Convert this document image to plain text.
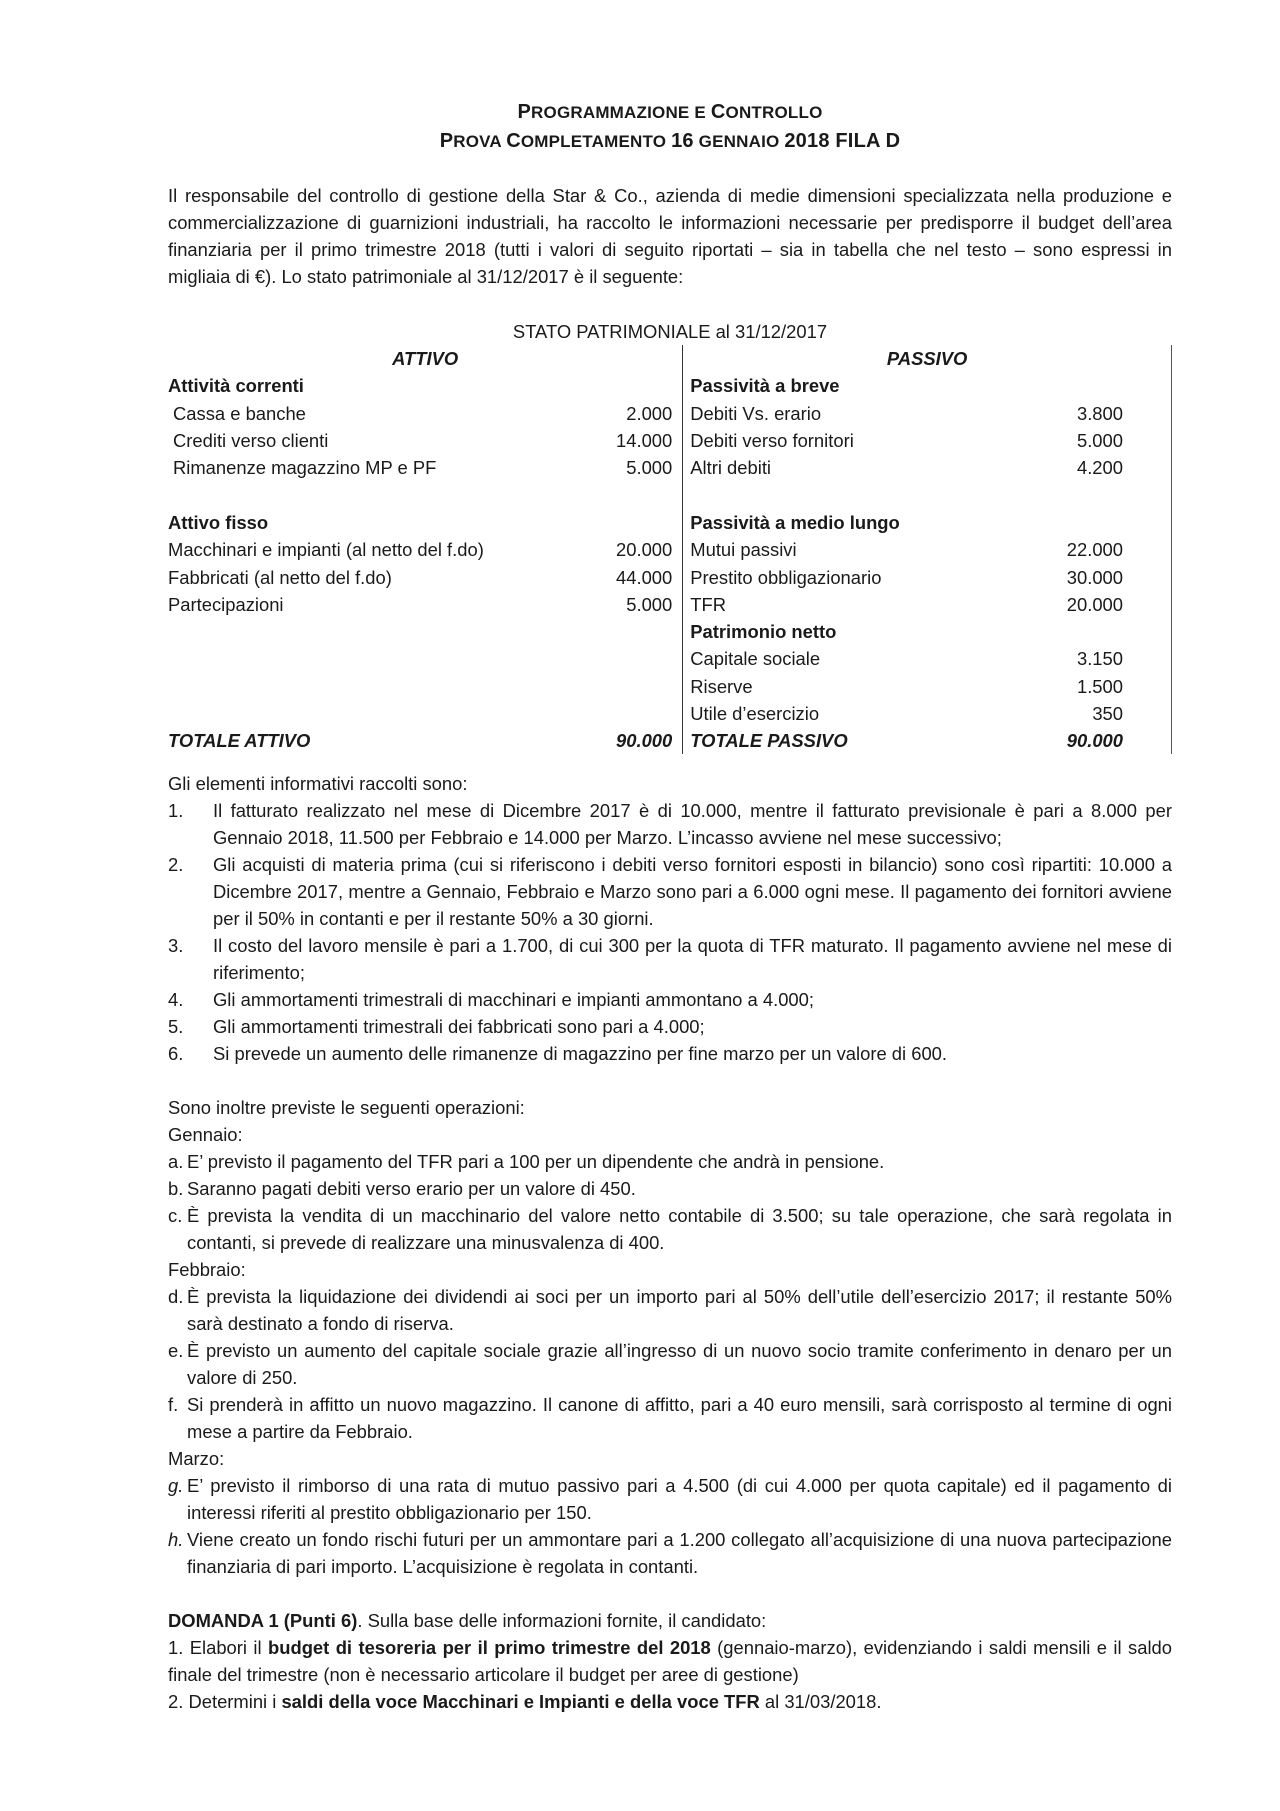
PROGRAMMAZIONE E CONTROLLO
PROVA COMPLETAMENTO 16 GENNAIO 2018 FILA D
Il responsabile del controllo di gestione della Star & Co., azienda di medie dimensioni specializzata nella produzione e commercializzazione di guarnizioni industriali, ha raccolto le informazioni necessarie per predisporre il budget dell’area finanziaria per il primo trimestre 2018 (tutti i valori di seguito riportati – sia in tabella che nel testo – sono espressi in migliaia di €). Lo stato patrimoniale al 31/12/2017 è il seguente:
STATO PATRIMONIALE al 31/12/2017
ATTIVO		PASSIVO	
Attività correnti		Passività a breve	
Cassa e banche	2.000	Debiti Vs. erario	3.800
Crediti verso clienti	14.000	Debiti verso fornitori	5.000
Rimanenze magazzino MP e PF	5.000	Altri debiti	4.200

Attivo fisso		Passività a medio lungo	
Macchinari e impianti (al netto del f.do)	20.000	Mutui passivi	22.000
Fabbricati (al netto del f.do)	44.000	Prestito obbligazionario	30.000
Partecipazioni	5.000	TFR	20.000
		Patrimonio netto	
		Capitale sociale	3.150
		Riserve	1.500
		Utile d’esercizio	350
TOTALE ATTIVO	90.000	TOTALE PASSIVO	90.000
Gli elementi informativi raccolti sono:
1. Il fatturato realizzato nel mese di Dicembre 2017 è di 10.000, mentre il fatturato previsionale è pari a 8.000 per Gennaio 2018, 11.500 per Febbraio e 14.000 per Marzo. L’incasso avviene nel mese successivo;
2. Gli acquisti di materia prima (cui si riferiscono i debiti verso fornitori esposti in bilancio) sono così ripartiti: 10.000 a Dicembre 2017, mentre a Gennaio, Febbraio e Marzo sono pari a 6.000 ogni mese. Il pagamento dei fornitori avviene per il 50% in contanti e per il restante 50% a 30 giorni.
3. Il costo del lavoro mensile è pari a 1.700, di cui 300 per la quota di TFR maturato. Il pagamento avviene nel mese di riferimento;
4. Gli ammortamenti trimestrali di macchinari e impianti ammontano a 4.000;
5. Gli ammortamenti trimestrali dei fabbricati sono pari a 4.000;
6. Si prevede un aumento delle rimanenze di magazzino per fine marzo per un valore di 600.
Sono inoltre previste le seguenti operazioni:
Gennaio:
a. E’ previsto il pagamento del TFR pari a 100 per un dipendente che andrà in pensione.
b. Saranno pagati debiti verso erario per un valore di 450.
c. È prevista la vendita di un macchinario del valore netto contabile di 3.500; su tale operazione, che sarà regolata in contanti, si prevede di realizzare una minusvalenza di 400.
Febbraio:
d. È prevista la liquidazione dei dividendi ai soci per un importo pari al 50% dell’utile dell’esercizio 2017; il restante 50% sarà destinato a fondo di riserva.
e. È previsto un aumento del capitale sociale grazie all’ingresso di un nuovo socio tramite conferimento in denaro per un valore di 250.
f. Si prenderà in affitto un nuovo magazzino. Il canone di affitto, pari a 40 euro mensili, sarà corrisposto al termine di ogni mese a partire da Febbraio.
Marzo:
g. E’ previsto il rimborso di una rata di mutuo passivo pari a 4.500 (di cui 4.000 per quota capitale) ed il pagamento di interessi riferiti al prestito obbligazionario per 150.
h. Viene creato un fondo rischi futuri per un ammontare pari a 1.200 collegato all’acquisizione di una nuova partecipazione finanziaria di pari importo. L’acquisizione è regolata in contanti.
DOMANDA 1 (Punti 6). Sulla base delle informazioni fornite, il candidato:
1. Elabori il budget di tesoreria per il primo trimestre del 2018 (gennaio-marzo), evidenziando i saldi mensili e il saldo finale del trimestre (non è necessario articolare il budget per aree di gestione)
2. Determini i saldi della voce Macchinari e Impianti e della voce TFR al 31/03/2018.
